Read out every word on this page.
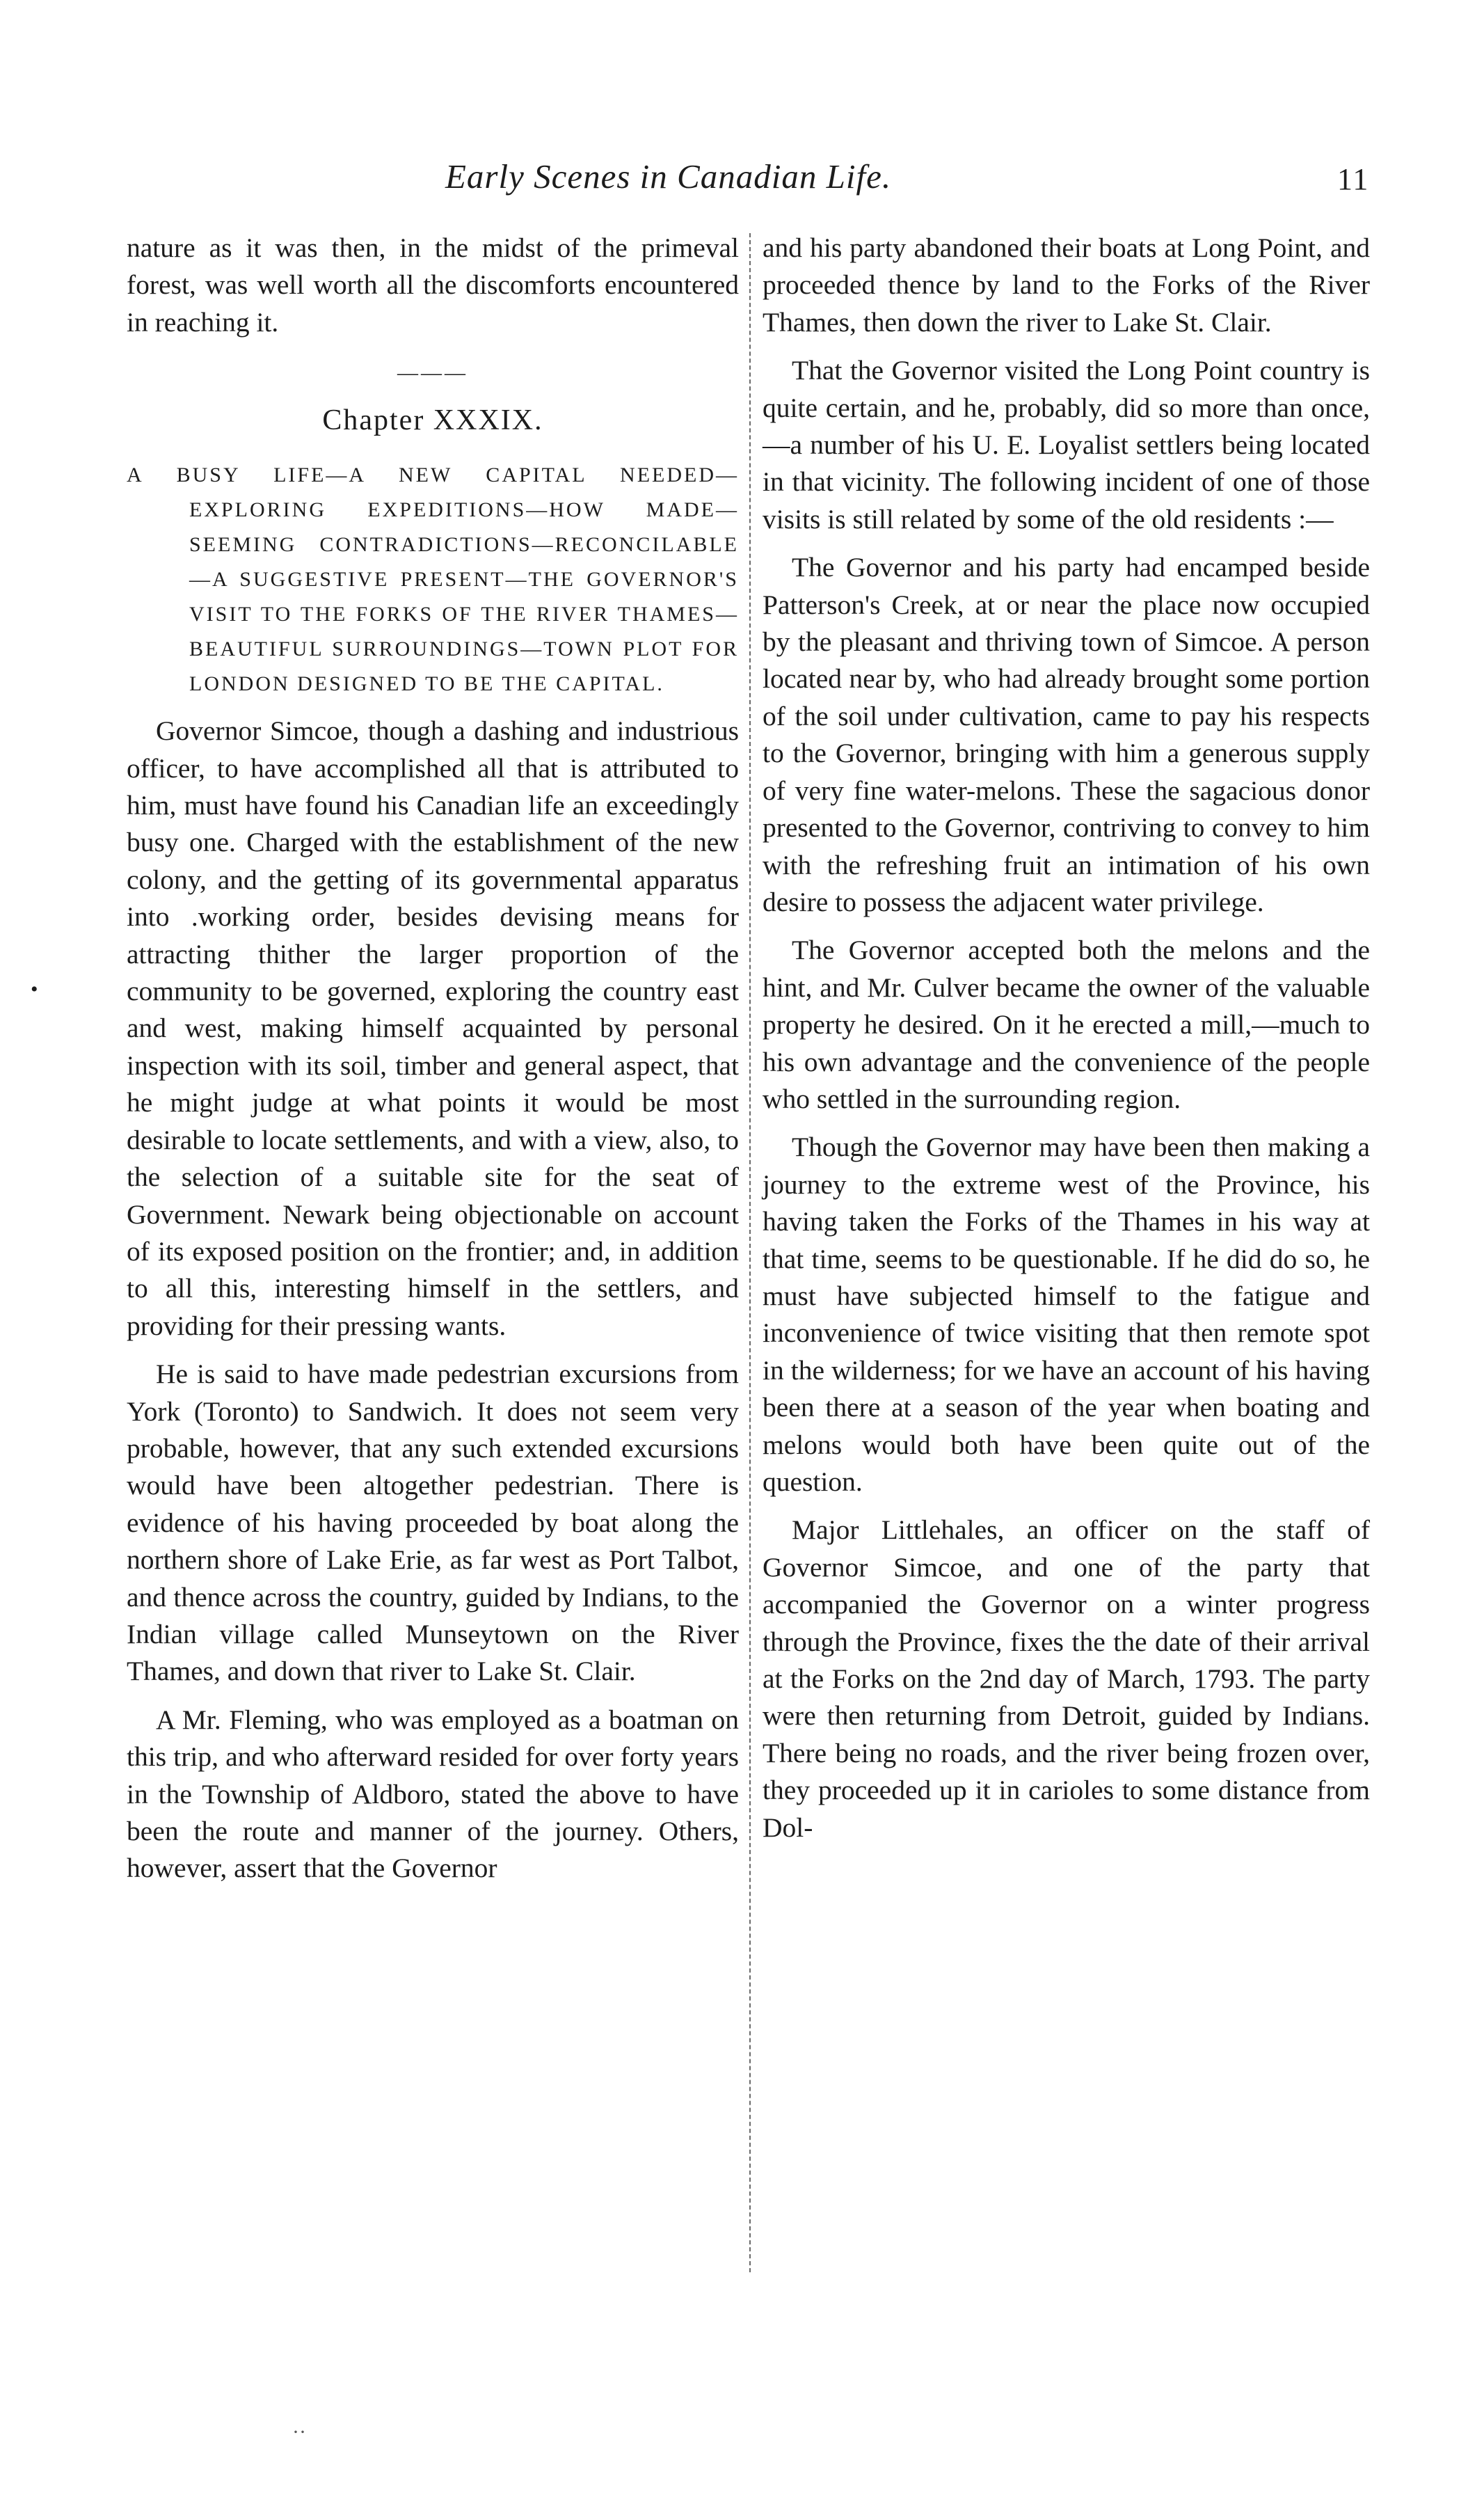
Early Scenes in Canadian Life.	11

nature as it was then, in the midst of the primeval forest, was well worth all the discomforts encountered in reaching it.

———
Chapter XXXIX.

A BUSY LIFE—A NEW CAPITAL NEEDED—EXPLORING EXPEDITIONS—HOW MADE—SEEMING CONTRADICTIONS—RECONCILABLE—A SUGGESTIVE PRESENT—THE GOVERNOR'S VISIT TO THE FORKS OF THE RIVER THAMES—BEAUTIFUL SURROUNDINGS—TOWN PLOT FOR LONDON DESIGNED TO BE THE CAPITAL.

Governor Simcoe, though a dashing and industrious officer, to have accomplished all that is attributed to him, must have found his Canadian life an exceedingly busy one. Charged with the establishment of the new colony, and the getting of its governmental apparatus into .working order, besides devising means for attracting thither the larger proportion of the community to be governed, exploring the country east and west, making himself acquainted by personal inspection with its soil, timber and general aspect, that he might judge at what points it would be most desirable to locate settlements, and with a view, also, to the selection of a suitable site for the seat of Government. Newark being objectionable on account of its exposed position on the frontier; and, in addition to all this, interesting himself in the settlers, and providing for their pressing wants.

He is said to have made pedestrian excursions from York (Toronto) to Sandwich. It does not seem very probable, however, that any such extended excursions would have been altogether pedestrian. There is evidence of his having proceeded by boat along the northern shore of Lake Erie, as far west as Port Talbot, and thence across the country, guided by Indians, to the Indian village called Munseytown on the River Thames, and down that river to Lake St. Clair.

A Mr. Fleming, who was employed as a boatman on this trip, and who afterward resided for over forty years in the Township of Aldboro, stated the above to have been the route and manner of the journey. Others, however, assert that the Governor

and his party abandoned their boats at Long Point, and proceeded thence by land to the Forks of the River Thames, then down the river to Lake St. Clair.

That the Governor visited the Long Point country is quite certain, and he, probably, did so more than once,—a number of his U. E. Loyalist settlers being located in that vicinity. The following incident of one of those visits is still related by some of the old residents :—

The Governor and his party had encamped beside Patterson's Creek, at or near the place now occupied by the pleasant and thriving town of Simcoe. A person located near by, who had already brought some portion of the soil under cultivation, came to pay his respects to the Governor, bringing with him a generous supply of very fine water-melons. These the sagacious donor presented to the Governor, contriving to convey to him with the refreshing fruit an intimation of his own desire to possess the adjacent water privilege.

The Governor accepted both the melons and the hint, and Mr. Culver became the owner of the valuable property he desired. On it he erected a mill,—much to his own advantage and the convenience of the people who settled in the surrounding region.

Though the Governor may have been then making a journey to the extreme west of the Province, his having taken the Forks of the Thames in his way at that time, seems to be questionable. If he did do so, he must have subjected himself to the fatigue and inconvenience of twice visiting that then remote spot in the wilderness; for we have an account of his having been there at a season of the year when boating and melons would both have been quite out of the question.

Major Littlehales, an officer on the staff of Governor Simcoe, and one of the party that accompanied the Governor on a winter progress through the Province, fixes the the date of their arrival at the Forks on the 2nd day of March, 1793. The party were then returning from Detroit, guided by Indians. There being no roads, and the river being frozen over, they proceeded up it in carioles to some distance from Dol-

•
··
